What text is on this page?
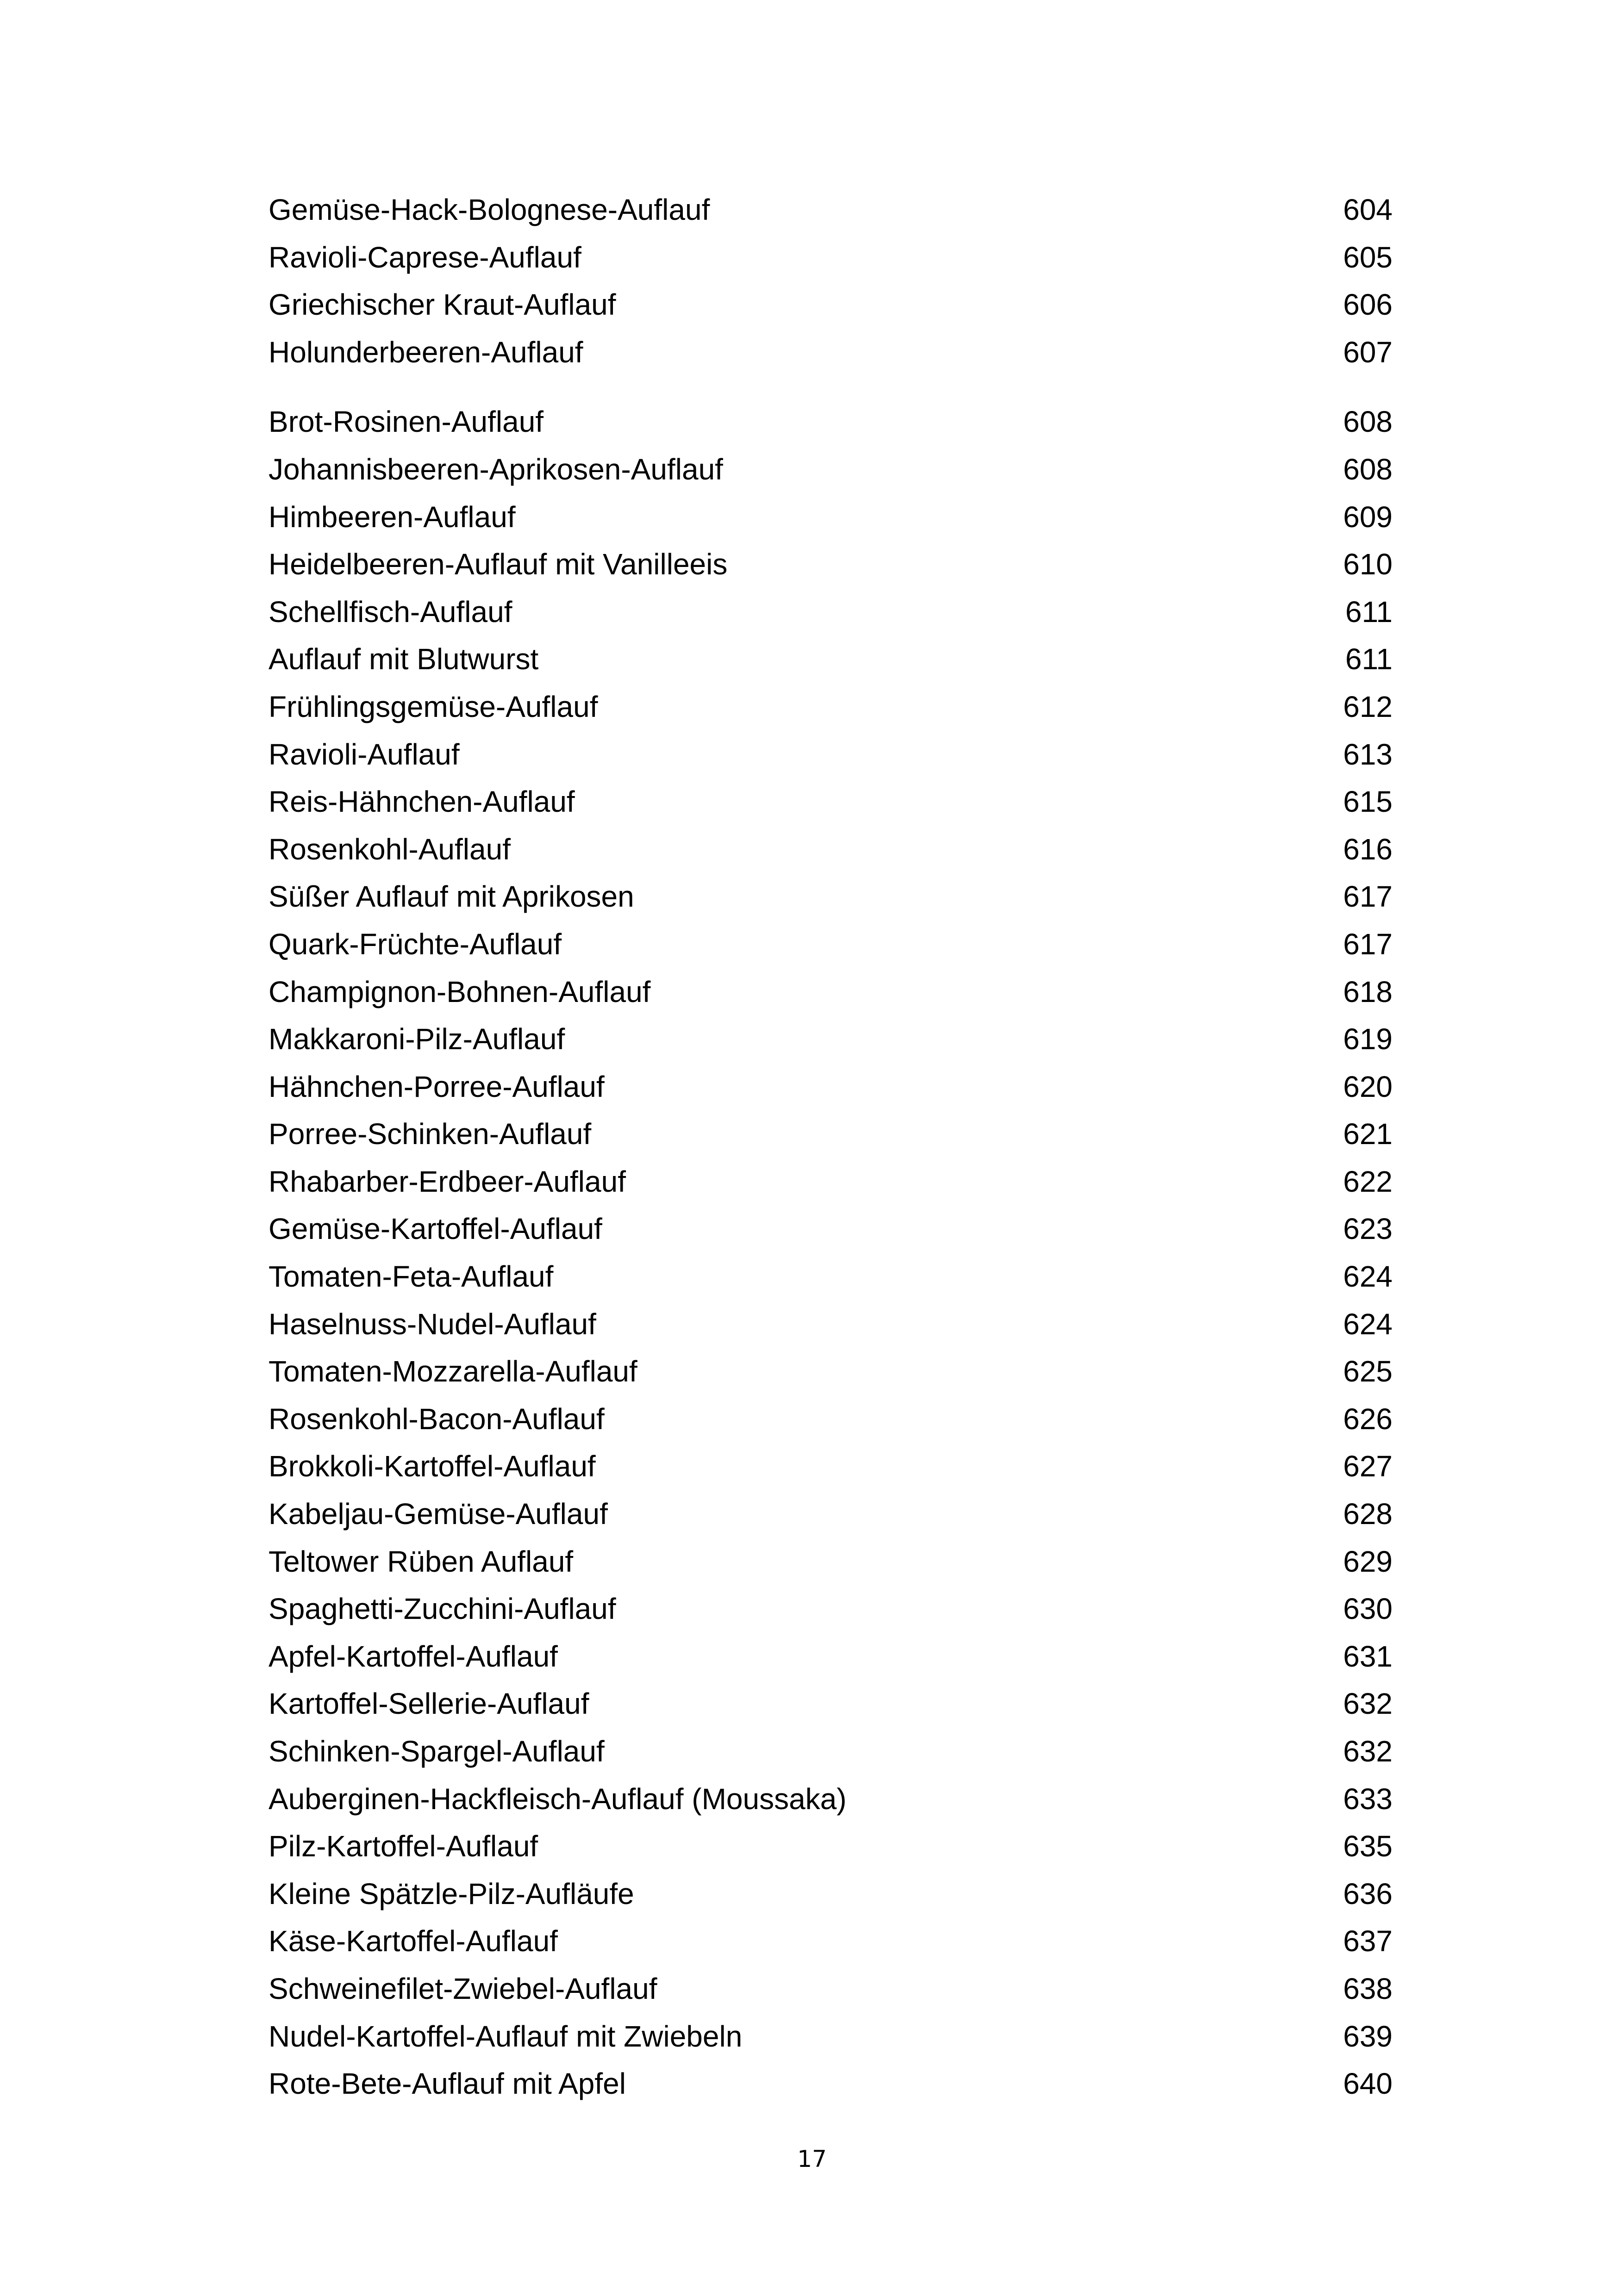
Gemüse-Hack-Bolognese-Auflauf	604
Ravioli-Caprese-Auflauf	605
Griechischer Kraut-Auflauf	606
Holunderbeeren-Auflauf	607
Brot-Rosinen-Auflauf	608
Johannisbeeren-Aprikosen-Auflauf	608
Himbeeren-Auflauf	609
Heidelbeeren-Auflauf mit Vanilleeis	610
Schellfisch-Auflauf	611
Auflauf mit Blutwurst	611
Frühlingsgemüse-Auflauf	612
Ravioli-Auflauf	613
Reis-Hähnchen-Auflauf	615
Rosenkohl-Auflauf	616
Süßer Auflauf mit Aprikosen	617
Quark-Früchte-Auflauf	617
Champignon-Bohnen-Auflauf	618
Makkaroni-Pilz-Auflauf	619
Hähnchen-Porree-Auflauf	620
Porree-Schinken-Auflauf	621
Rhabarber-Erdbeer-Auflauf	622
Gemüse-Kartoffel-Auflauf	623
Tomaten-Feta-Auflauf	624
Haselnuss-Nudel-Auflauf	624
Tomaten-Mozzarella-Auflauf	625
Rosenkohl-Bacon-Auflauf	626
Brokkoli-Kartoffel-Auflauf	627
Kabeljau-Gemüse-Auflauf	628
Teltower Rüben Auflauf	629
Spaghetti-Zucchini-Auflauf	630
Apfel-Kartoffel-Auflauf	631
Kartoffel-Sellerie-Auflauf	632
Schinken-Spargel-Auflauf	632
Auberginen-Hackfleisch-Auflauf (Moussaka)	633
Pilz-Kartoffel-Auflauf	635
Kleine Spätzle-Pilz-Aufläufe	636
Käse-Kartoffel-Auflauf	637
Schweinefilet-Zwiebel-Auflauf	638
Nudel-Kartoffel-Auflauf mit Zwiebeln	639
Rote-Bete-Auflauf mit Apfel	640
17
